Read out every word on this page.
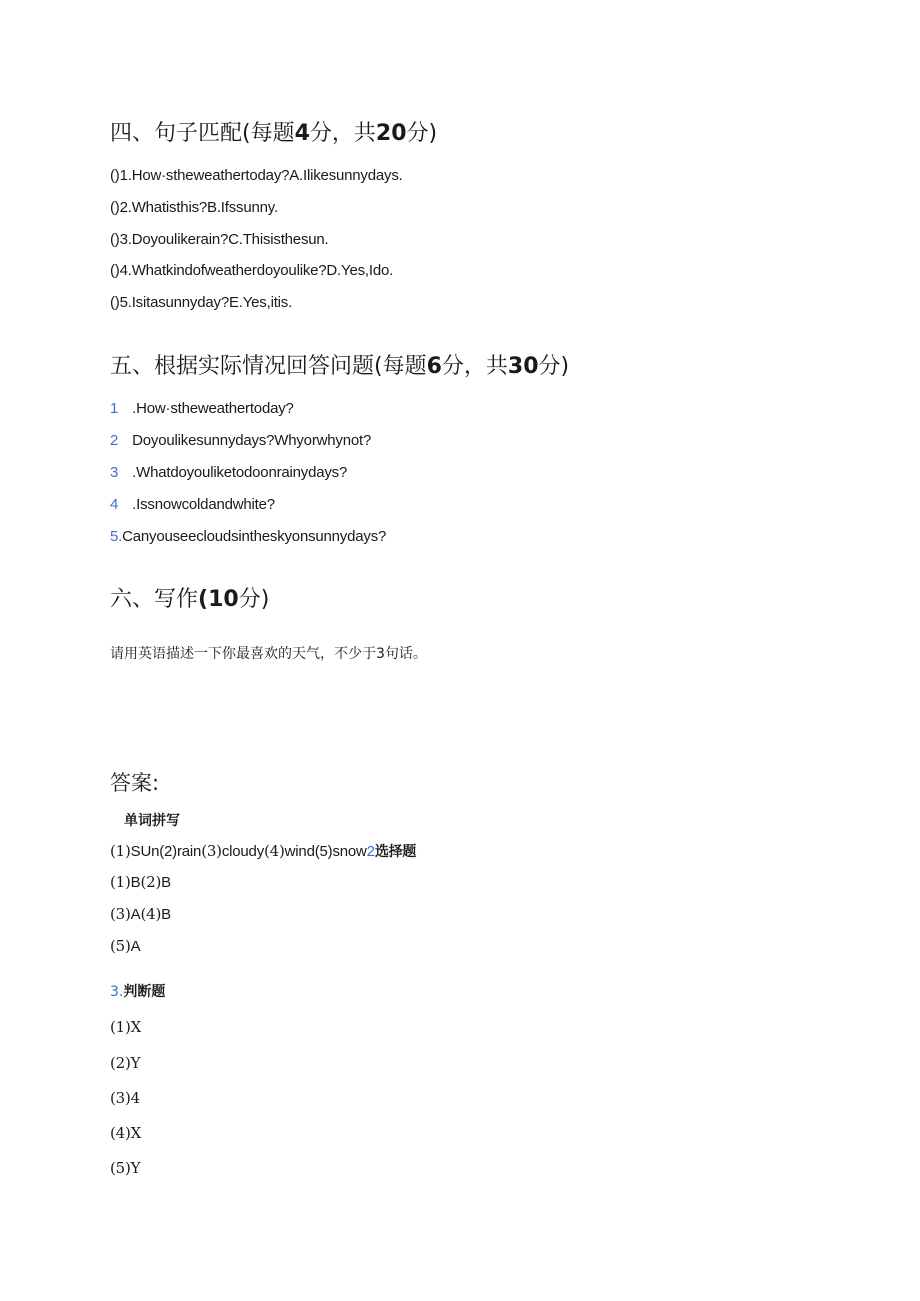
四、句子匹配(每题4分，共20分)
()1.How·stheweathertoday?A.Ilikesunnydays.
()2.Whatisthis?B.Ifssunny.
()3.Doyoulikerain?C.Thisisthesun.
()4.Whatkindofweatherdoyoulike?D.Yes,Ido.
()5.Isitasunnyday?E.Yes,itis.
五、根据实际情况回答问题(每题6分，共30分)
1 .How·stheweathertoday?
2 Doyoulikesunnydays?Whyorwhynot?
3 .Whatdoyouliketodoonrainydays?
4 .Issnowcoldandwhite?
5.Canyouseecloudsintheskyonsunnydays?
六、写作(10分)
请用英语描述一下你最喜欢的天气，不少于3句话。
答案:
单词拼写
(1)SUn(2)rain(3)cloudy(4)wind(5)snow2选择题
(1)B(2)B
(3)A(4)B
(5)A
3.判断题
(1)X
(2)Y
(3)4
(4)X
(5)Y
